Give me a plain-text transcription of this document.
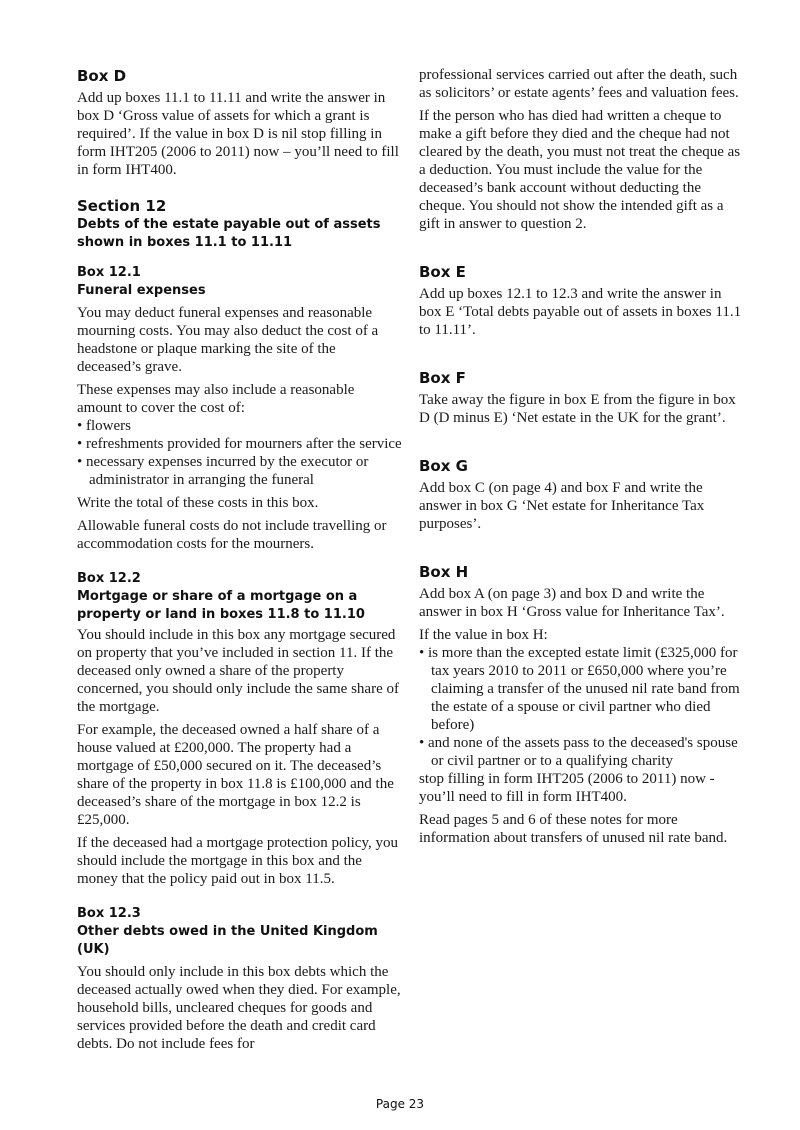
Box D

Add up boxes 11.1 to 11.11 and write the answer in box D ‘Gross value of assets for which a grant is required’. If the value in box D is nil stop filling in form IHT205 (2006 to 2011) now – you’ll need to fill in form IHT400.

Section 12
Debts of the estate payable out of assets shown in boxes 11.1 to 11.11
Box 12.1
Funeral expenses

You may deduct funeral expenses and reasonable mourning costs. You may also deduct the cost of a headstone or plaque marking the site of the deceased’s grave.

These expenses may also include a reasonable amount to cover the cost of:

• flowers
• refreshments provided for mourners after the service
• necessary expenses incurred by the executor or administrator in arranging the funeral

Write the total of these costs in this box.

Allowable funeral costs do not include travelling or accommodation costs for the mourners.

Box 12.2
Mortgage or share of a mortgage on a property or land in boxes 11.8 to 11.10

You should include in this box any mortgage secured on property that you’ve included in section 11. If the deceased only owned a share of the property concerned, you should only include the same share of the mortgage.

For example, the deceased owned a half share of a house valued at £200,000. The property had a mortgage of £50,000 secured on it. The deceased’s share of the property in box 11.8 is £100,000 and the deceased’s share of the mortgage in box 12.2 is £25,000.

If the deceased had a mortgage protection policy, you should include the mortgage in this box and the money that the policy paid out in box 11.5.

Box 12.3
Other debts owed in the United Kingdom (UK)

You should only include in this box debts which the deceased actually owed when they died. For example, household bills, uncleared cheques for goods and services provided before the death and credit card debts. Do not include fees for

professional services carried out after the death, such as solicitors’ or estate agents’ fees and valuation fees.

If the person who has died had written a cheque to make a gift before they died and the cheque had not cleared by the death, you must not treat the cheque as a deduction. You must include the value for the deceased’s bank account without deducting the cheque. You should not show the intended gift as a gift in answer to question 2.

Box E

Add up boxes 12.1 to 12.3 and write the answer in box E ‘Total debts payable out of assets in boxes 11.1 to 11.11’.

Box F

Take away the figure in box E from the figure in box D (D minus E) ‘Net estate in the UK for the grant’.

Box G

Add box C (on page 4) and box F and write the answer in box G ‘Net estate for Inheritance Tax purposes’.

Box H

Add box A (on page 3) and box D and write the answer in box H ‘Gross value for Inheritance Tax’.

If the value in box H:

• is more than the excepted estate limit (£325,000 for tax years 2010 to 2011 or £650,000 where you’re claiming a transfer of the unused nil rate band from the estate of a spouse or civil partner who died before)
• and none of the assets pass to the deceased's spouse or civil partner or to a qualifying charity

stop filling in form IHT205 (2006 to 2011) now - you’ll need to fill in form IHT400.

Read pages 5 and 6 of these notes for more information about transfers of unused nil rate band.

Page 23
